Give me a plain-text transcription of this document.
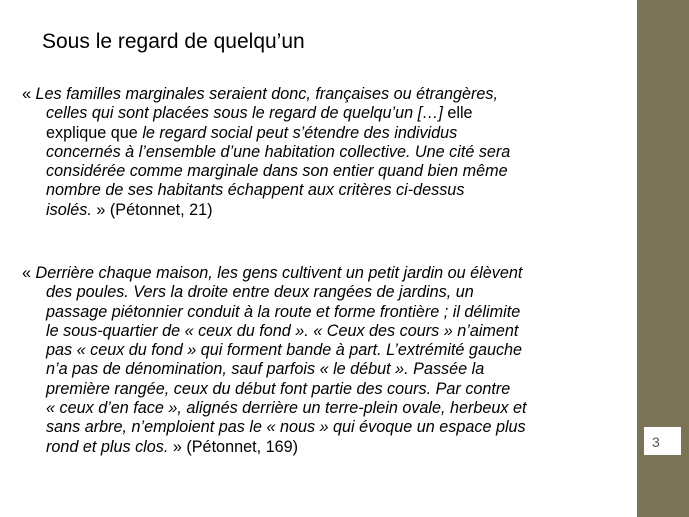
Sous le regard de quelqu’un
« Les familles marginales seraient donc, françaises ou étrangères,
celles qui sont placées sous le regard de quelqu’un […] elle
explique que le regard social peut s’étendre des individus
concernés à l’ensemble d’une habitation collective. Une cité sera
considérée comme marginale dans son entier quand bien même
nombre de ses habitants échappent aux critères ci-dessus
isolés. » (Pétonnet, 21)
« Derrière chaque maison, les gens cultivent un petit jardin ou élèvent
des poules. Vers la droite entre deux rangées de jardins, un
passage piétonnier conduit à la route et forme frontière ; il délimite
le sous-quartier de « ceux du fond ». « Ceux des cours » n’aiment
pas « ceux du fond » qui forment bande à part. L’extrémité gauche
n’a pas de dénomination, sauf parfois « le début ». Passée la
première rangée, ceux du début font partie des cours. Par contre
« ceux d’en face », alignés derrière un terre-plein ovale, herbeux et
sans arbre, n’emploient pas le « nous » qui évoque un espace plus
rond et plus clos. » (Pétonnet, 169)	3
